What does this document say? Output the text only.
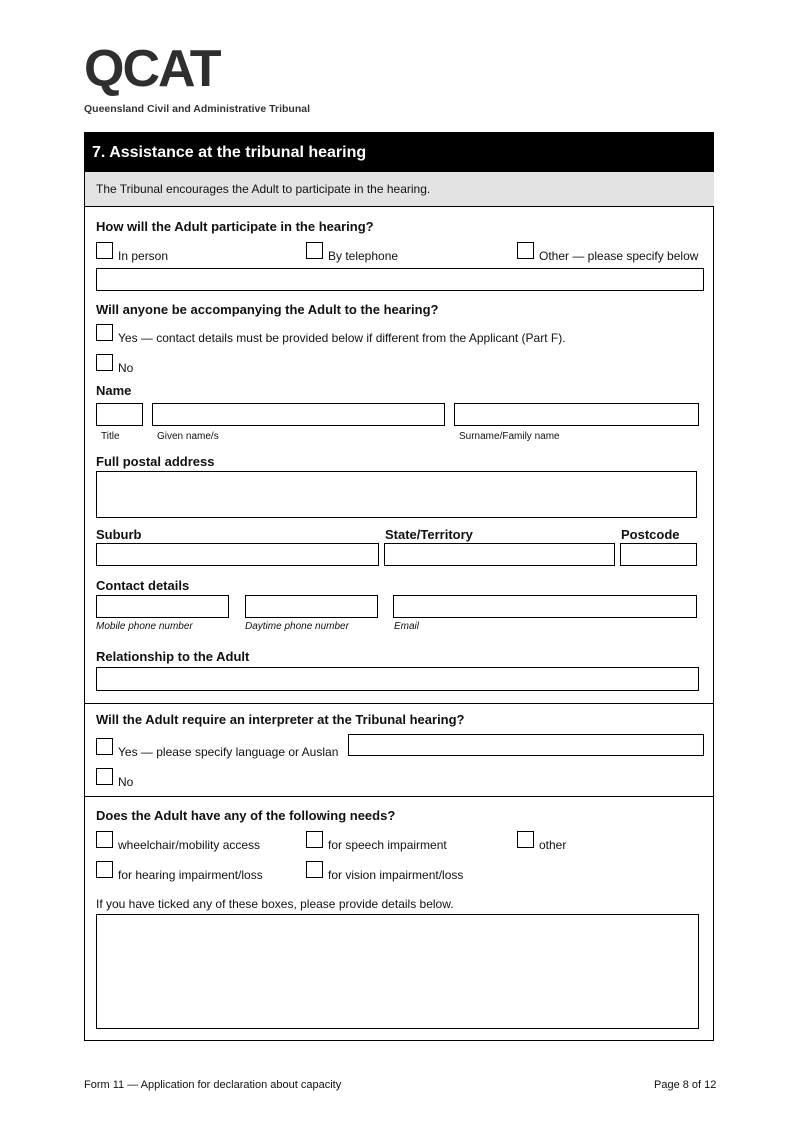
QCAT
Queensland Civil and Administrative Tribunal
7. Assistance at the tribunal hearing
The Tribunal encourages the Adult to participate in the hearing.
How will the Adult participate in the hearing?
In person	By telephone	Other — please specify below
Will anyone be accompanying the Adult to the hearing?
Yes — contact details must be provided below if different from the Applicant (Part F).
No
Name
Title	Given name/s	Surname/Family name
Full postal address
Suburb	State/Territory	Postcode
Contact details
Mobile phone number	Daytime phone number	Email
Relationship to the Adult
Will the Adult require an interpreter at the Tribunal hearing?
Yes — please specify language or Auslan
No
Does the Adult have any of the following needs?
wheelchair/mobility access	for speech impairment	other
for hearing impairment/loss	for vision impairment/loss
If you have ticked any of these boxes, please provide details below.
Form 11 — Application for declaration about capacity	Page 8 of 12
